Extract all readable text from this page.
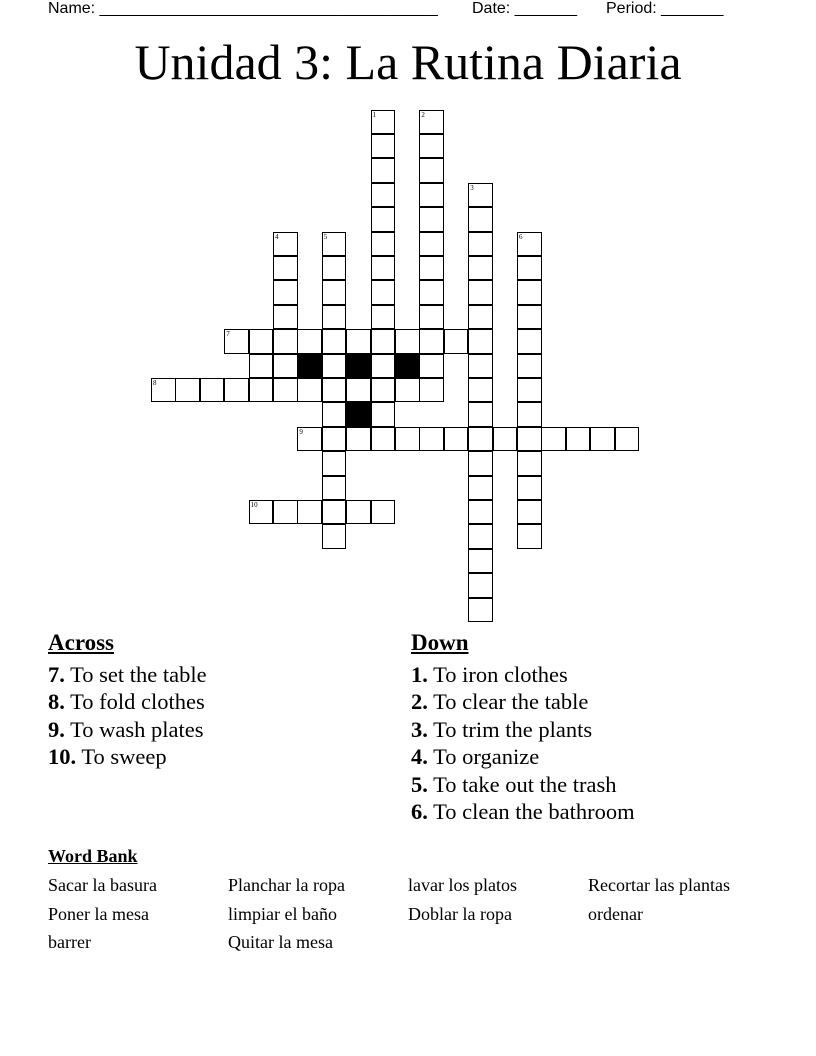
Name: ______________________________________ Date: _______ Period: _______
Unidad 3: La Rutina Diaria
7
8
9
10
1	2
3
4	5	6
Across
7. To set the table
8. To fold clothes
9. To wash plates
10. To sweep
Down
1. To iron clothes
2. To clear the table
3. To trim the plants
4. To organize
5. To take out the trash
6. To clean the bathroom
Word Bank
Sacar la basura	Planchar la ropa	lavar los platos	Recortar las plantas
Poner la mesa	limpiar el baño	Doblar la ropa	ordenar
barrer	Quitar la mesa
